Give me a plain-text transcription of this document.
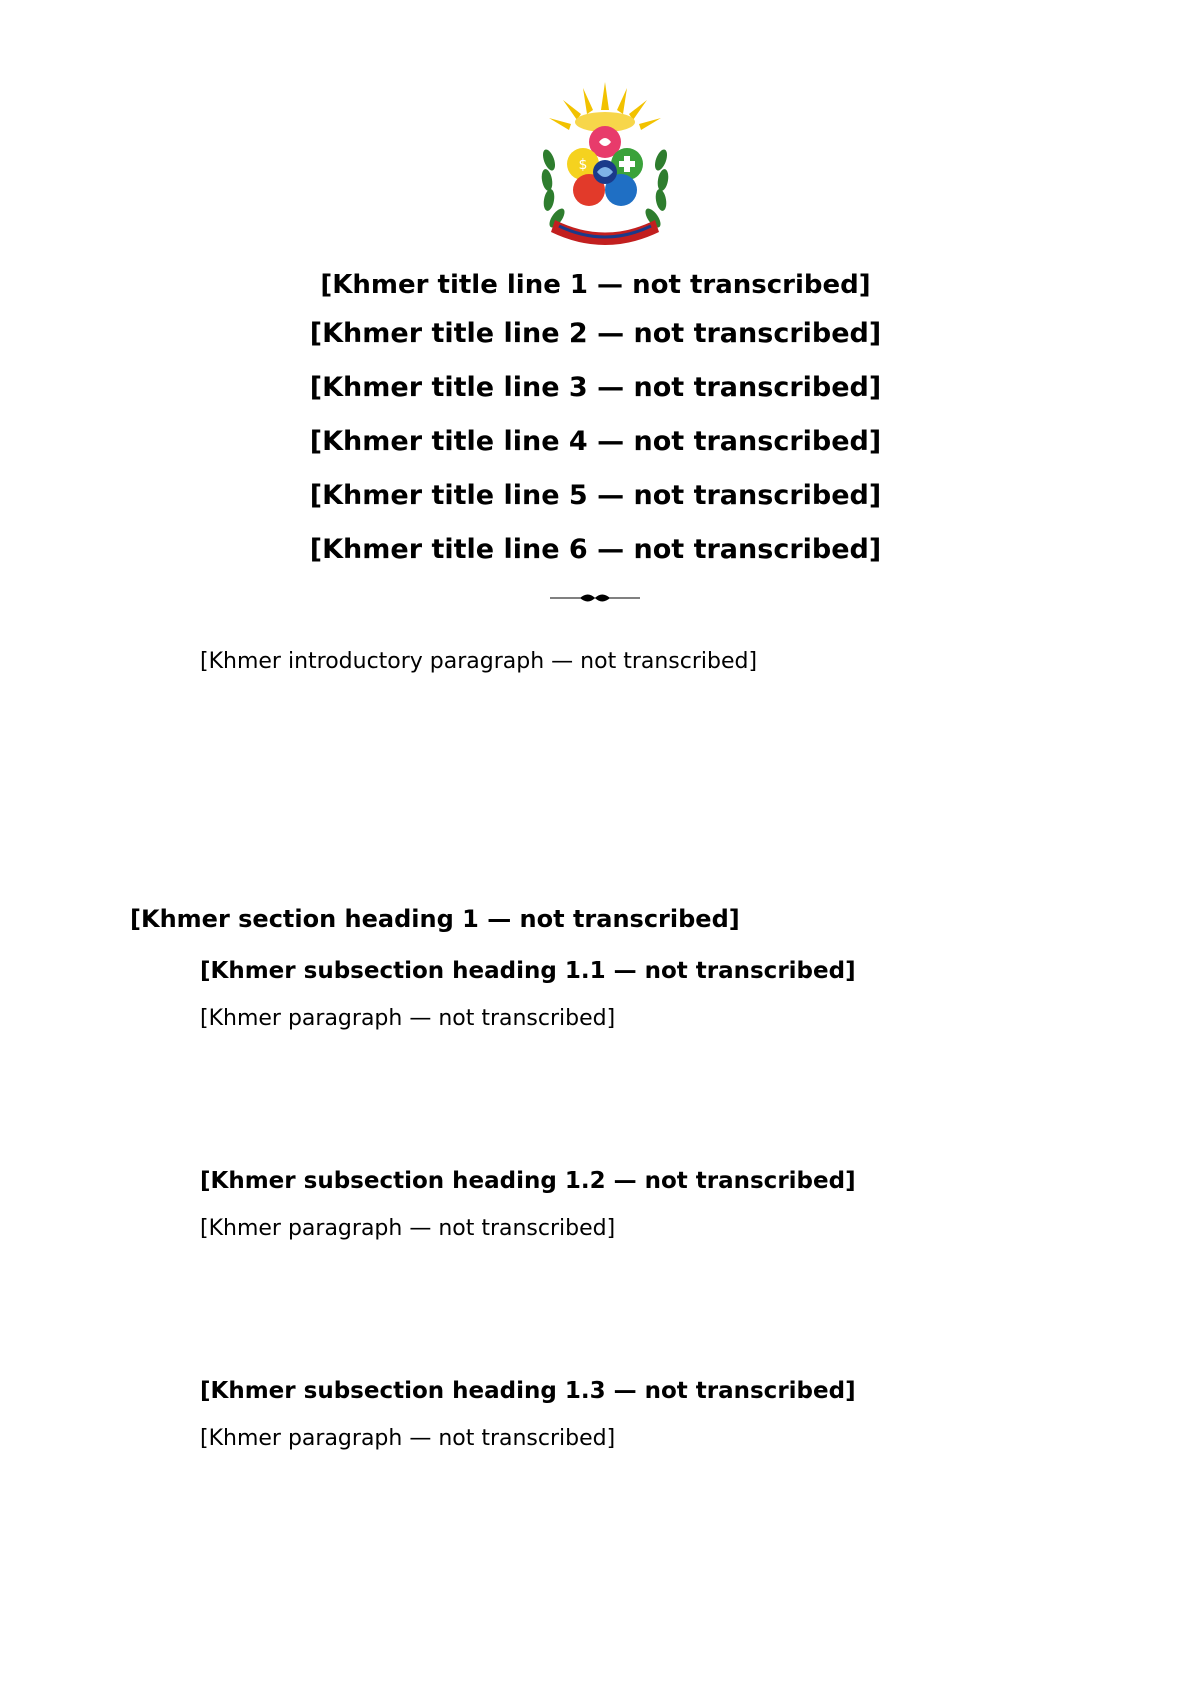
$
[Khmer title line 1 — not transcribed]
[Khmer title line 2 — not transcribed]
[Khmer title line 3 — not transcribed]
[Khmer title line 4 — not transcribed]
[Khmer title line 5 — not transcribed]
[Khmer title line 6 — not transcribed]
[Khmer introductory paragraph — not transcribed]
[Khmer section heading 1 — not transcribed]
[Khmer subsection heading 1.1 — not transcribed]
[Khmer paragraph — not transcribed]
[Khmer subsection heading 1.2 — not transcribed]
[Khmer paragraph — not transcribed]
[Khmer subsection heading 1.3 — not transcribed]
[Khmer paragraph — not transcribed]
